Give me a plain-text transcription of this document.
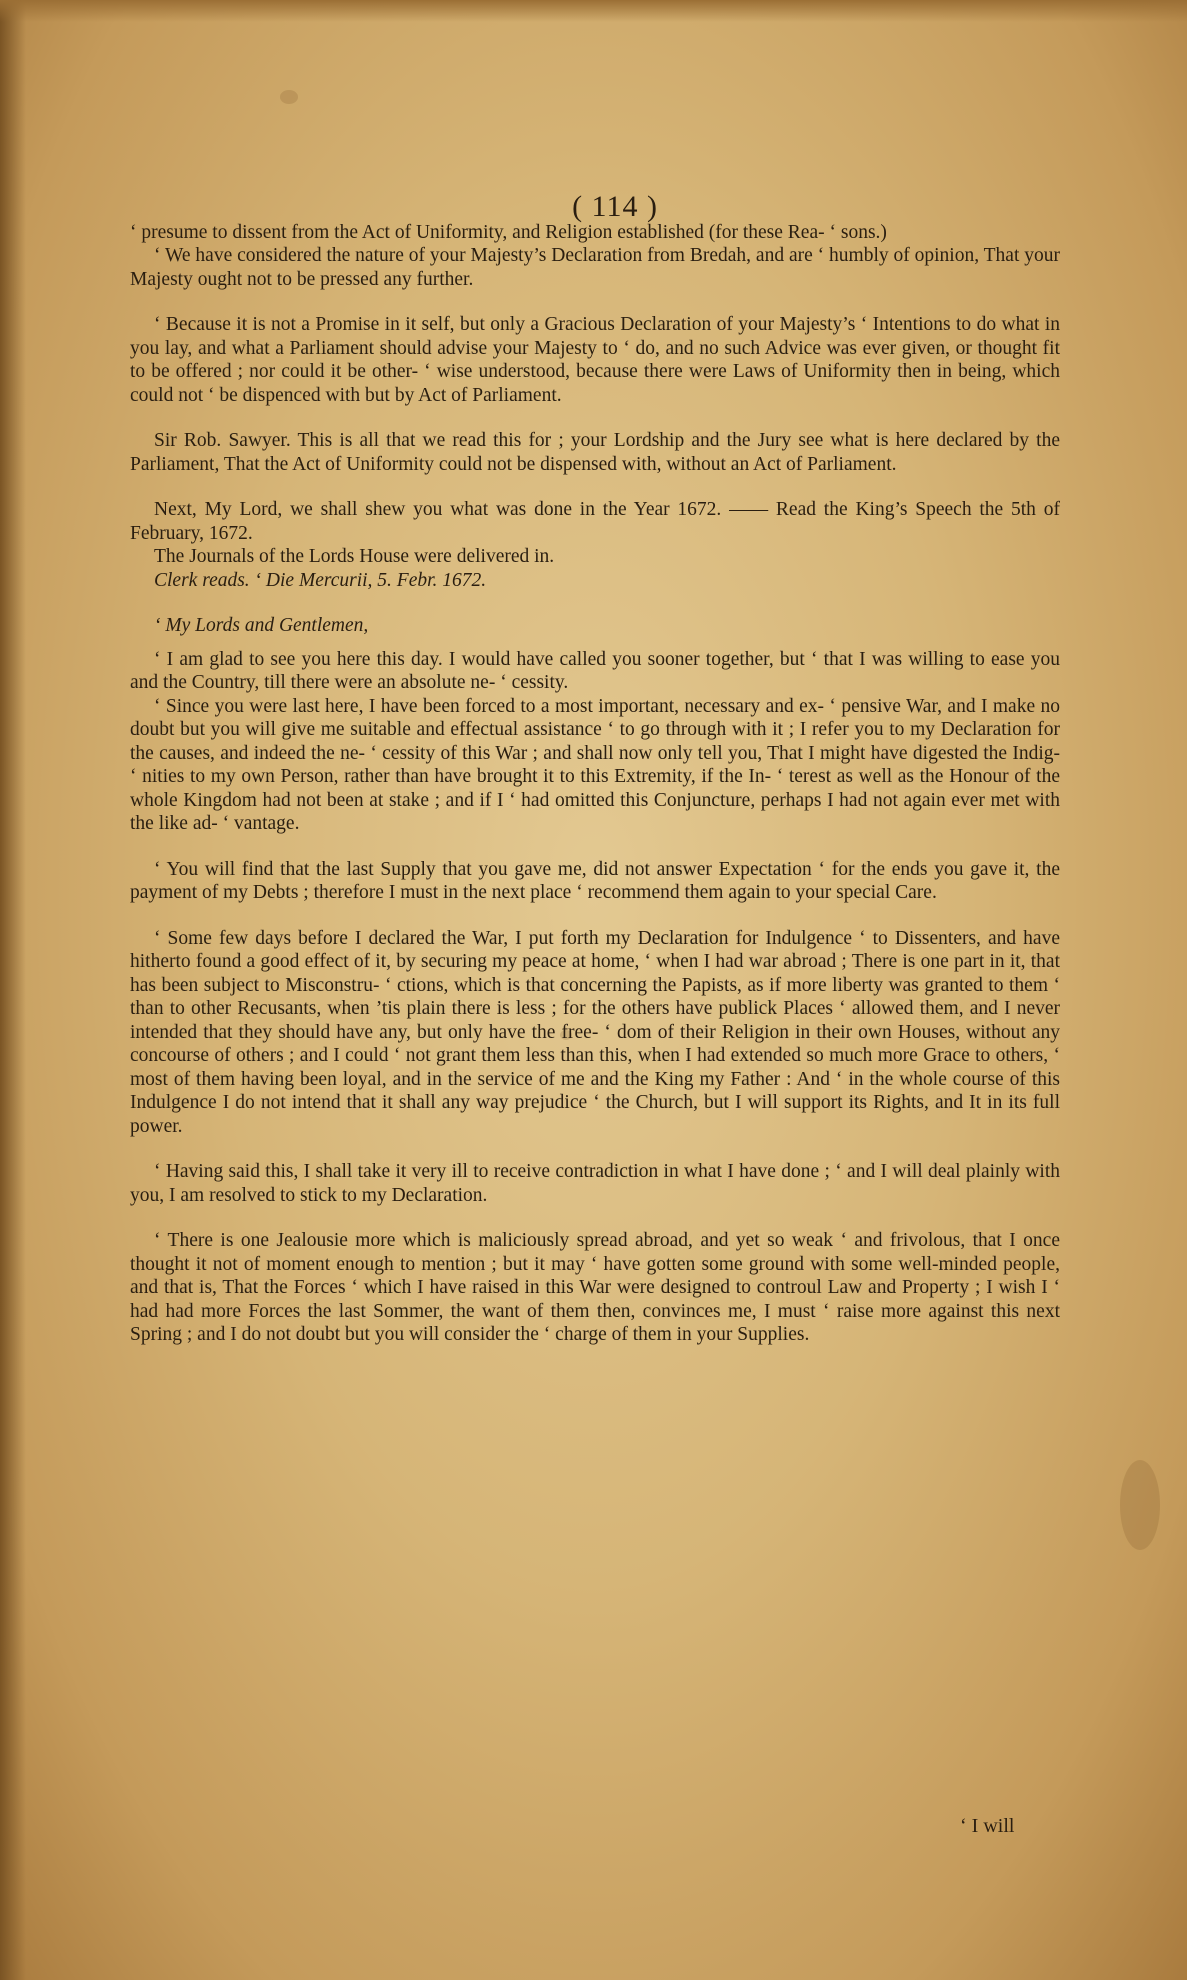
( 114 )

‘ presume to dissent from the Act of Uniformity, and Religion established (for these Rea- ‘ sons.)

‘ We have considered the nature of your Majesty’s Declaration from Bredah, and are ‘ humbly of opinion, That your Majesty ought not to be pressed any further.

‘ Because it is not a Promise in it self, but only a Gracious Declaration of your Majesty’s ‘ Intentions to do what in you lay, and what a Parliament should advise your Majesty to ‘ do, and no such Advice was ever given, or thought fit to be offered ; nor could it be other- ‘ wise understood, because there were Laws of Uniformity then in being, which could not ‘ be dispenced with but by Act of Parliament.

Sir Rob. Sawyer. This is all that we read this for ; your Lordship and the Jury see what is here declared by the Parliament, That the Act of Uniformity could not be dispensed with, without an Act of Parliament.

Next, My Lord, we shall shew you what was done in the Year 1672. —— Read the King’s Speech the 5th of February, 1672.

The Journals of the Lords House were delivered in.

Clerk reads. ‘ Die Mercurii, 5. Febr. 1672.

‘ My Lords and Gentlemen,

‘ I am glad to see you here this day. I would have called you sooner together, but ‘ that I was willing to ease you and the Country, till there were an absolute ne- ‘ cessity.

‘ Since you were last here, I have been forced to a most important, necessary and ex- ‘ pensive War, and I make no doubt but you will give me suitable and effectual assistance ‘ to go through with it ; I refer you to my Declaration for the causes, and indeed the ne- ‘ cessity of this War ; and shall now only tell you, That I might have digested the Indig- ‘ nities to my own Person, rather than have brought it to this Extremity, if the In- ‘ terest as well as the Honour of the whole Kingdom had not been at stake ; and if I ‘ had omitted this Conjuncture, perhaps I had not again ever met with the like ad- ‘ vantage.

‘ You will find that the last Supply that you gave me, did not answer Expectation ‘ for the ends you gave it, the payment of my Debts ; therefore I must in the next place ‘ recommend them again to your special Care.

‘ Some few days before I declared the War, I put forth my Declaration for Indulgence ‘ to Dissenters, and have hitherto found a good effect of it, by securing my peace at home, ‘ when I had war abroad ; There is one part in it, that has been subject to Misconstru- ‘ ctions, which is that concerning the Papists, as if more liberty was granted to them ‘ than to other Recusants, when ’tis plain there is less ; for the others have publick Places ‘ allowed them, and I never intended that they should have any, but only have the free- ‘ dom of their Religion in their own Houses, without any concourse of others ; and I could ‘ not grant them less than this, when I had extended so much more Grace to others, ‘ most of them having been loyal, and in the service of me and the King my Father : And ‘ in the whole course of this Indulgence I do not intend that it shall any way prejudice ‘ the Church, but I will support its Rights, and It in its full power.

‘ Having said this, I shall take it very ill to receive contradiction in what I have done ; ‘ and I will deal plainly with you, I am resolved to stick to my Declaration.

‘ There is one Jealousie more which is maliciously spread abroad, and yet so weak ‘ and frivolous, that I once thought it not of moment enough to mention ; but it may ‘ have gotten some ground with some well-minded people, and that is, That the Forces ‘ which I have raised in this War were designed to controul Law and Property ; I wish I ‘ had had more Forces the last Sommer, the want of them then, convinces me, I must ‘ raise more against this next Spring ; and I do not doubt but you will consider the ‘ charge of them in your Supplies.

‘ I will
